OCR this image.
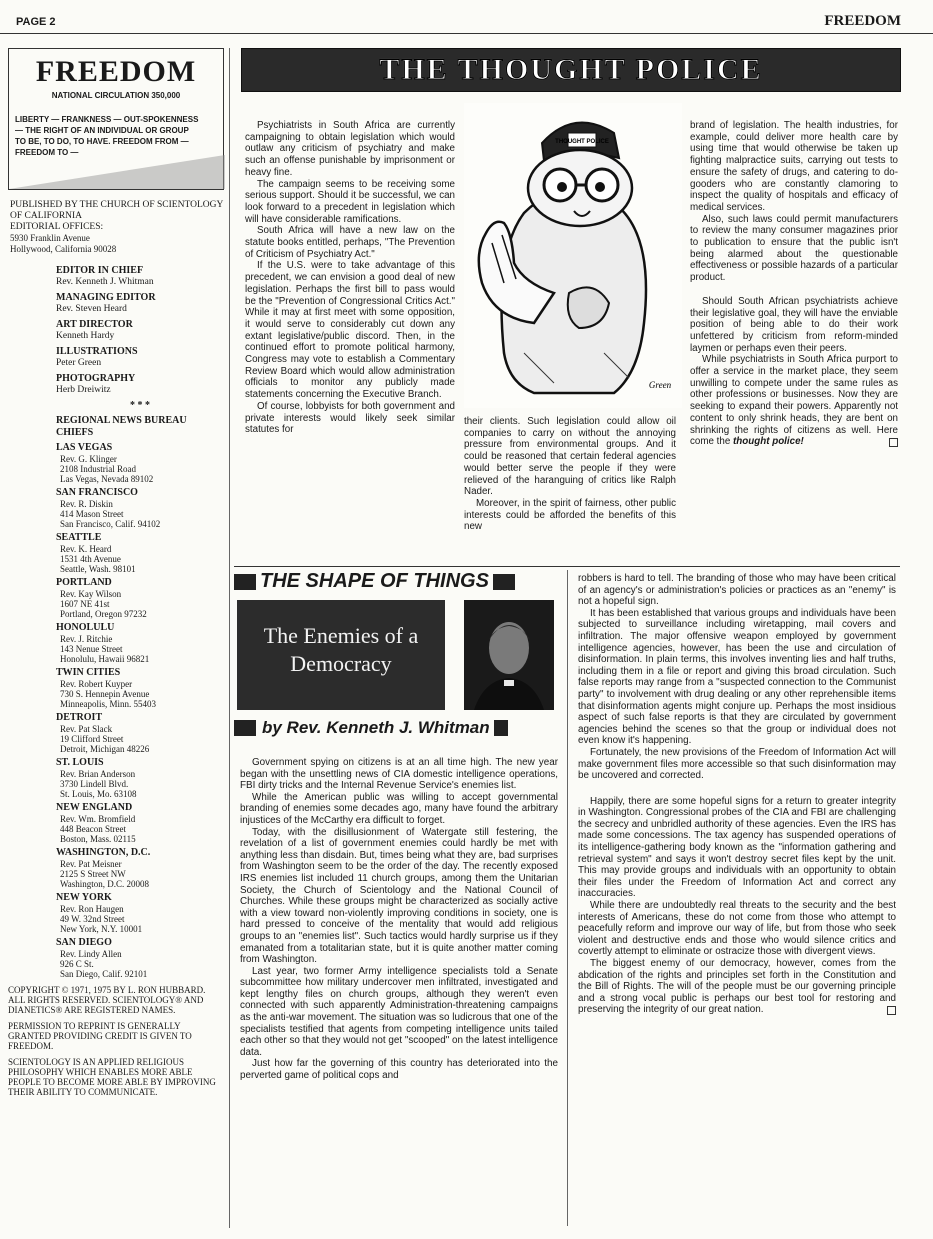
PAGE 2	FREEDOM
FREEDOM
NATIONAL CIRCULATION 350,000
LIBERTY — FRANKNESS — OUT-SPOKENNESS — THE RIGHT OF AN INDIVIDUAL OR GROUP TO BE, TO DO, TO HAVE. FREEDOM FROM — FREEDOM TO —
PUBLISHED BY THE CHURCH OF SCIENTOLOGY OF CALIFORNIA
EDITORIAL OFFICES:
5930 Franklin Avenue
Hollywood, California 90028
EDITOR IN CHIEF
Rev. Kenneth J. Whitman
MANAGING EDITOR
Rev. Steven Heard
ART DIRECTOR
Kenneth Hardy
ILLUSTRATIONS
Peter Green
PHOTOGRAPHY
Herb Dreiwitz
* * *
REGIONAL NEWS BUREAU CHIEFS
LAS VEGAS
Rev. G. Klinger
2108 Industrial Road
Las Vegas, Nevada 89102
SAN FRANCISCO
Rev. R. Diskin
414 Mason Street
San Francisco, Calif. 94102
SEATTLE
Rev. K. Heard
1531 4th Avenue
Seattle, Wash. 98101
PORTLAND
Rev. Kay Wilson
1607 NE 41st
Portland, Oregon 97232
HONOLULU
Rev. J. Ritchie
143 Nenue Street
Honolulu, Hawaii 96821
TWIN CITIES
Rev. Robert Kuyper
730 S. Hennepin Avenue
Minneapolis, Minn. 55403
DETROIT
Rev. Pat Slack
19 Clifford Street
Detroit, Michigan 48226
ST. LOUIS
Rev. Brian Anderson
3730 Lindell Blvd.
St. Louis, Mo. 63108
NEW ENGLAND
Rev. Wm. Bromfield
448 Beacon Street
Boston, Mass. 02115
WASHINGTON, D.C.
Rev. Pat Meisner
2125 S Street NW
Washington, D.C. 20008
NEW YORK
Rev. Ron Haugen
49 W. 32nd Street
New York, N.Y. 10001
SAN DIEGO
Rev. Lindy Allen
926 C St.
San Diego, Calif. 92101
COPYRIGHT © 1971, 1975 BY L. RON HUBBARD. ALL RIGHTS RESERVED. SCIENTOLOGY® AND DIANETICS® ARE REGISTERED NAMES.
PERMISSION TO REPRINT IS GENERALLY GRANTED PROVIDING CREDIT IS GIVEN TO FREEDOM.
SCIENTOLOGY IS AN APPLIED RELIGIOUS PHILOSOPHY WHICH ENABLES MORE ABLE PEOPLE TO BECOME MORE ABLE BY IMPROVING THEIR ABILITY TO COMMUNICATE.
THE THOUGHT POLICE

Psychiatrists in South Africa are currently campaigning to obtain legislation which would outlaw any criticism of psychiatry and make such an offense punishable by imprisonment or heavy fine.

The campaign seems to be receiving some serious support. Should it be successful, we can look forward to a precedent in legislation which will have considerable ramifications.

South Africa will have a new law on the statute books entitled, perhaps, "The Prevention of Criticism of Psychiatry Act."

If the U.S. were to take advantage of this precedent, we can envision a good deal of new legislation. Perhaps the first bill to pass would be the "Prevention of Congressional Critics Act." While it may at first meet with some opposition, it would serve to considerably cut down any extant legislative/public discord. Then, in the continued effort to promote political harmony, Congress may vote to establish a Commentary Review Board which would allow administration officials to monitor any publicly made statements concerning the Executive Branch.

Of course, lobbyists for both government and private interests would likely seek similar statutes for

THOUGHT POLICE
Green

their clients. Such legislation could allow oil companies to carry on without the annoying pressure from environmental groups. And it could be reasoned that certain federal agencies would better serve the people if they were relieved of the haranguing of critics like Ralph Nader.

Moreover, in the spirit of fairness, other public interests could be afforded the benefits of this new

brand of legislation. The health industries, for example, could deliver more health care by using time that would otherwise be taken up fighting malpractice suits, carrying out tests to ensure the safety of drugs, and catering to do-gooders who are constantly clamoring to inspect the quality of hospitals and efficacy of medical services.

Also, such laws could permit manufacturers to review the many consumer magazines prior to publication to ensure that the public isn't being alarmed about the questionable effectiveness or possible hazards of a particular product.

Should South African psychiatrists achieve their legislative goal, they will have the enviable position of being able to do their work unfettered by criticism from reform-minded laymen or perhaps even their peers.

While psychiatrists in South Africa purport to offer a service in the market place, they seem unwilling to compete under the same rules as other professions or businesses. Now they are seeking to expand their powers. Apparently not content to only shrink heads, they are bent on shrinking the rights of citizens as well. Here come the thought police!

THE SHAPE OF THINGS
The Enemies of a Democracy
by Rev. Kenneth J. Whitman

Government spying on citizens is at an all time high. The new year began with the unsettling news of CIA domestic intelligence operations, FBI dirty tricks and the Internal Revenue Service's enemies list.

While the American public was willing to accept governmental branding of enemies some decades ago, many have found the arbitrary injustices of the McCarthy era difficult to forget.

Today, with the disillusionment of Watergate still festering, the revelation of a list of government enemies could hardly be met with anything less than disdain. But, times being what they are, bad surprises from Washington seem to be the order of the day. The recently exposed IRS enemies list included 11 church groups, among them the Unitarian Society, the Church of Scientology and the National Council of Churches. While these groups might be characterized as socially active with a view toward non-violently improving conditions in society, one is hard pressed to conceive of the mentality that would add religious groups to an "enemies list". Such tactics would hardly surprise us if they emanated from a totalitarian state, but it is quite another matter coming from Washington.

Last year, two former Army intelligence specialists told a Senate subcommittee how military undercover men infiltrated, investigated and kept lengthy files on church groups, although they weren't even connected with such apparently Administration-threatening campaigns as the anti-war movement. The situation was so ludicrous that one of the specialists testified that agents from competing intelligence units tailed each other so that they would not get "scooped" on the latest intelligence data.

Just how far the governing of this country has deteriorated into the perverted game of political cops and

robbers is hard to tell. The branding of those who may have been critical of an agency's or administration's policies or practices as an "enemy" is not a hopeful sign.

It has been established that various groups and individuals have been subjected to surveillance including wiretapping, mail covers and infiltration. The major offensive weapon employed by government intelligence agencies, however, has been the use and circulation of disinformation. In plain terms, this involves inventing lies and half truths, including them in a file or report and giving this broad circulation. Such false reports may range from a "suspected connection to the Communist party" to involvement with drug dealing or any other reprehensible items that disinformation agents might conjure up. Perhaps the most insidious aspect of such false reports is that they are circulated by government agencies behind the scenes so that the group or individual does not even know it's happening.

Fortunately, the new provisions of the Freedom of Information Act will make government files more accessible so that such disinformation may be uncovered and corrected.

Happily, there are some hopeful signs for a return to greater integrity in Washington. Congressional probes of the CIA and FBI are challenging the secrecy and unbridled authority of these agencies. Even the IRS has made some concessions. The tax agency has suspended operations of its intelligence-gathering body known as the "information gathering and retrieval system" and says it won't destroy secret files kept by the unit. This may provide groups and individuals with an opportunity to obtain their files under the Freedom of Information Act and correct any inaccuracies.

While there are undoubtedly real threats to the security and the best interests of Americans, these do not come from those who attempt to peacefully reform and improve our way of life, but from those who seek violent and destructive ends and those who would silence critics and covertly attempt to eliminate or ostracize those with divergent views.

The biggest enemy of our democracy, however, comes from the abdication of the rights and principles set forth in the Constitution and the Bill of Rights. The will of the people must be our governing principle and a strong vocal public is perhaps our best tool for restoring and preserving the integrity of our great nation.
